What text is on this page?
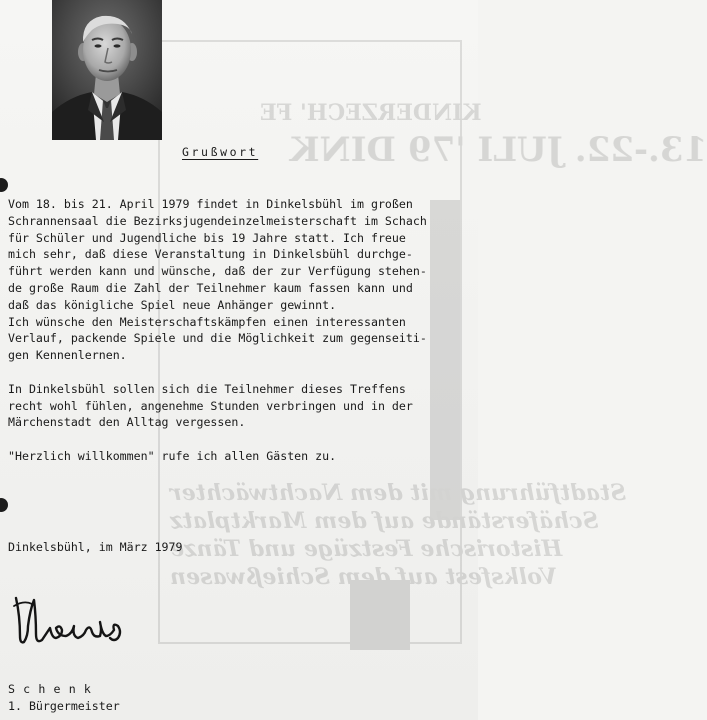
KINDERZECH' FE
13.-22. JULI '79 DINK
Stadtführung mit dem Nachtwächter
Schäferstände auf dem Marktplatz
Historische Festzüge und Tänze
Volksfest auf dem Schießwasen
Grußwort

Vom 18. bis 21. April 1979 findet in Dinkelsbühl im großen
Schrannensaal die Bezirksjugendeinzelmeisterschaft im Schach
für Schüler und Jugendliche bis 19 Jahre statt. Ich freue
mich sehr, daß diese Veranstaltung in Dinkelsbühl durchge-
führt werden kann und wünsche, daß der zur Verfügung stehen-
de große Raum die Zahl der Teilnehmer kaum fassen kann und
daß das königliche Spiel neue Anhänger gewinnt.
Ich wünsche den Meisterschaftskämpfen einen interessanten
Verlauf, packende Spiele und die Möglichkeit zum gegenseiti-
gen Kennenlernen.

In Dinkelsbühl sollen sich die Teilnehmer dieses Treffens
recht wohl fühlen, angenehme Stunden verbringen und in der
Märchenstadt den Alltag vergessen.

"Herzlich willkommen" rufe ich allen Gästen zu.

Dinkelsbühl, im März 1979

Schenk

1. Bürgermeister
